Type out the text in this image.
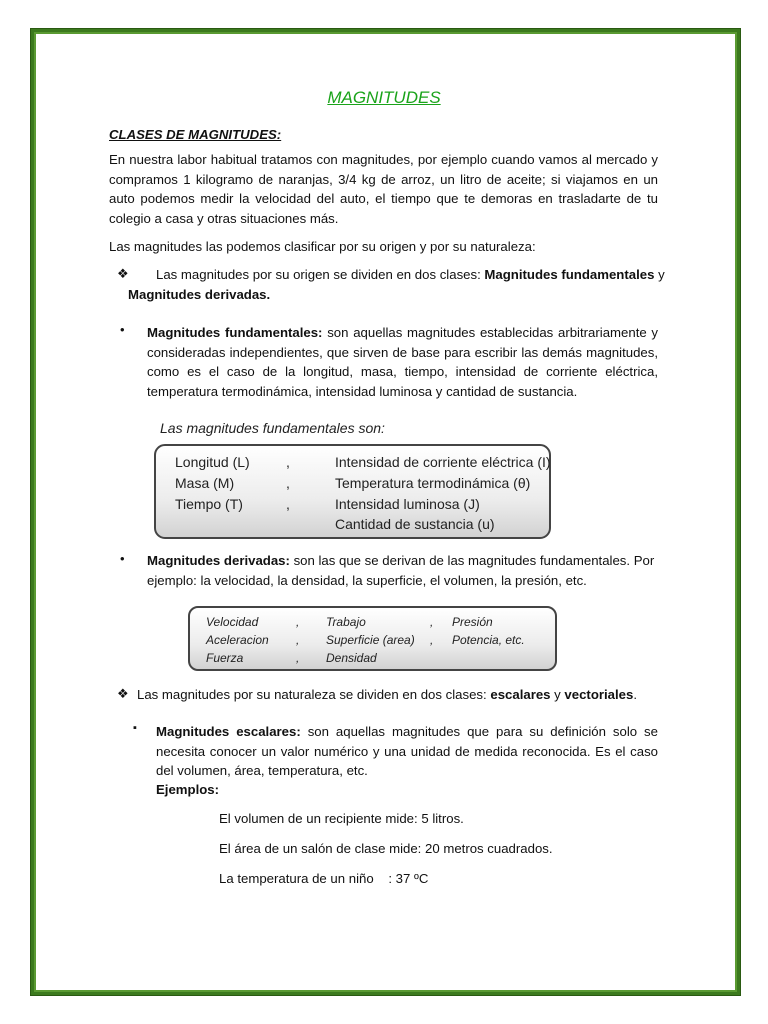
MAGNITUDES
CLASES DE MAGNITUDES:
En nuestra labor habitual tratamos con magnitudes, por ejemplo cuando vamos al mercado y compramos 1 kilogramo de naranjas, 3/4 kg de arroz, un litro de aceite; si viajamos en un auto podemos medir la velocidad del auto, el tiempo que te demoras en trasladarte de tu colegio a casa y otras situaciones más.
Las magnitudes las podemos clasificar por su origen y por su naturaleza:
❖	Las magnitudes por su origen se dividen en dos clases: Magnitudes fundamentales y Magnitudes derivadas.
• Magnitudes fundamentales: son aquellas magnitudes establecidas arbitrariamente y consideradas independientes, que sirven de base para escribir las demás magnitudes, como es el caso de la longitud, masa, tiempo, intensidad de corriente eléctrica, temperatura termodinámica, intensidad luminosa y cantidad de sustancia.
Las magnitudes fundamentales son:
Longitud (L)
Masa (M)
Tiempo (T)
,
,
,
Intensidad de corriente eléctrica (I)
Temperatura termodinámica (θ)
Intensidad luminosa (J)
Cantidad de sustancia (u)
• Magnitudes derivadas: son las que se derivan de las magnitudes fundamentales. Por ejemplo: la velocidad, la densidad, la superficie, el volumen, la presión, etc.
Velocidad
Aceleracion
Fuerza
,
,
,
Trabajo
Superficie (area)
Densidad
,
,
Presión
Potencia, etc.
❖ Las magnitudes por su naturaleza se dividen en dos clases: escalares y vectoriales.
▪ Magnitudes escalares: son aquellas magnitudes que para su definición solo se necesita conocer un valor numérico y una unidad de medida reconocida. Es el caso del volumen, área, temperatura, etc.
Ejemplos:
El volumen de un recipiente mide: 5 litros.
El área de un salón de clase mide: 20 metros cuadrados.
La temperatura de un niño    : 37 ºC
